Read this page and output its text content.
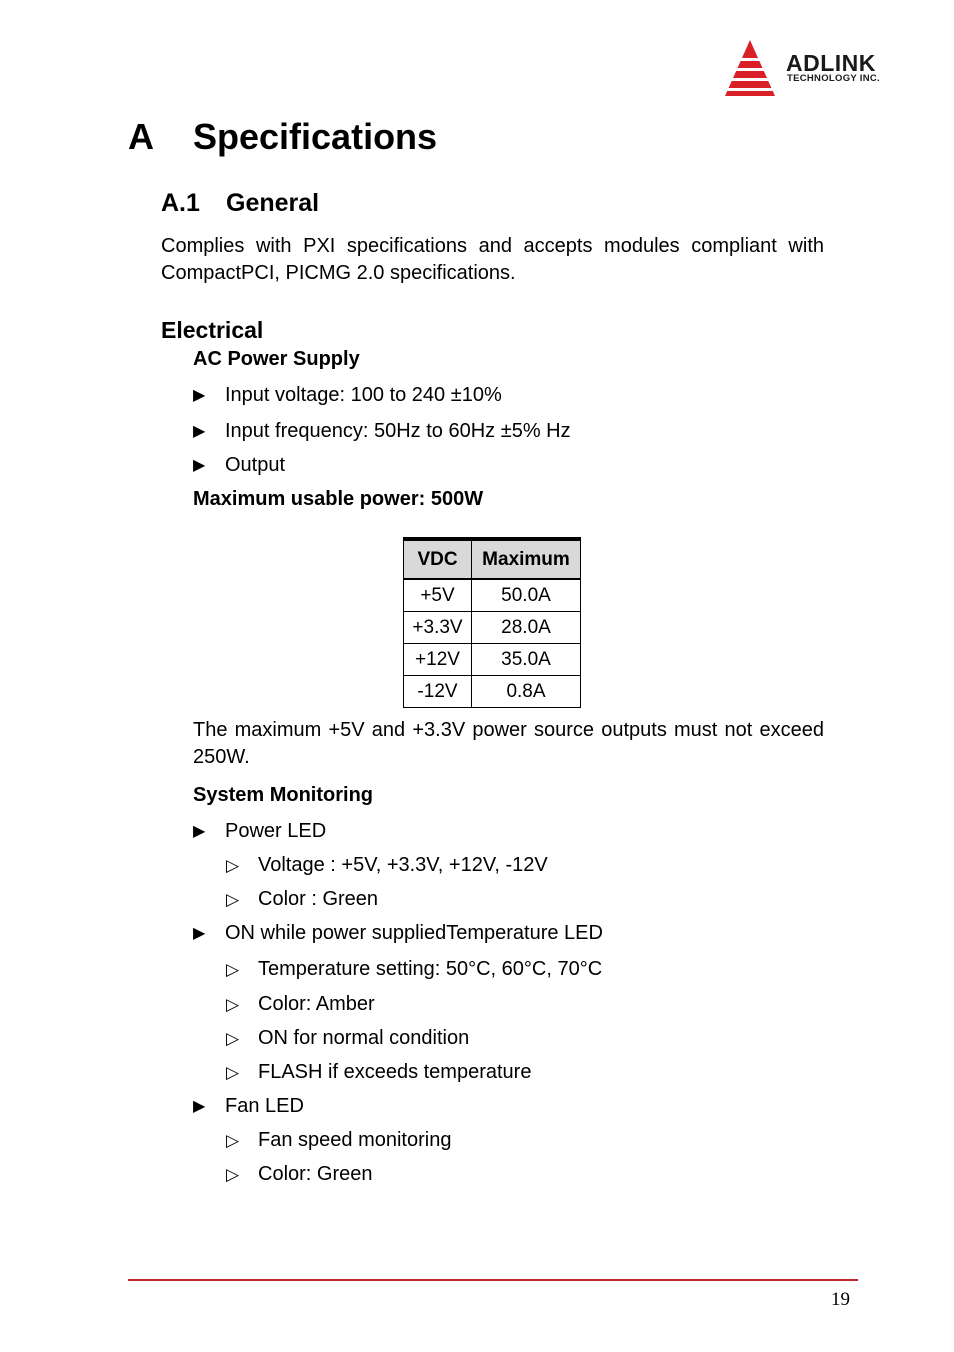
ADLINK
TECHNOLOGY INC.
A Specifications
A.1 General
Complies with PXI specifications and accepts modules compliant with CompactPCI, PICMG 2.0 specifications.
Electrical
AC Power Supply
▶ Input voltage: 100 to 240 ±10%
▶ Input frequency: 50Hz to 60Hz ±5% Hz
▶ Output
Maximum usable power: 500W
VDC	Maximum
+5V	50.0A
+3.3V	28.0A
+12V	35.0A
-12V	0.8A
The maximum +5V and +3.3V power source outputs must not exceed 250W.
System Monitoring
▶ Power LED
▷ Voltage : +5V, +3.3V, +12V, -12V
▷ Color : Green
▶ ON while power suppliedTemperature LED
▷ Temperature setting: 50°C, 60°C, 70°C
▷ Color: Amber
▷ ON for normal condition
▷ FLASH if exceeds temperature
▶ Fan LED
▷ Fan speed monitoring
▷ Color: Green
19
